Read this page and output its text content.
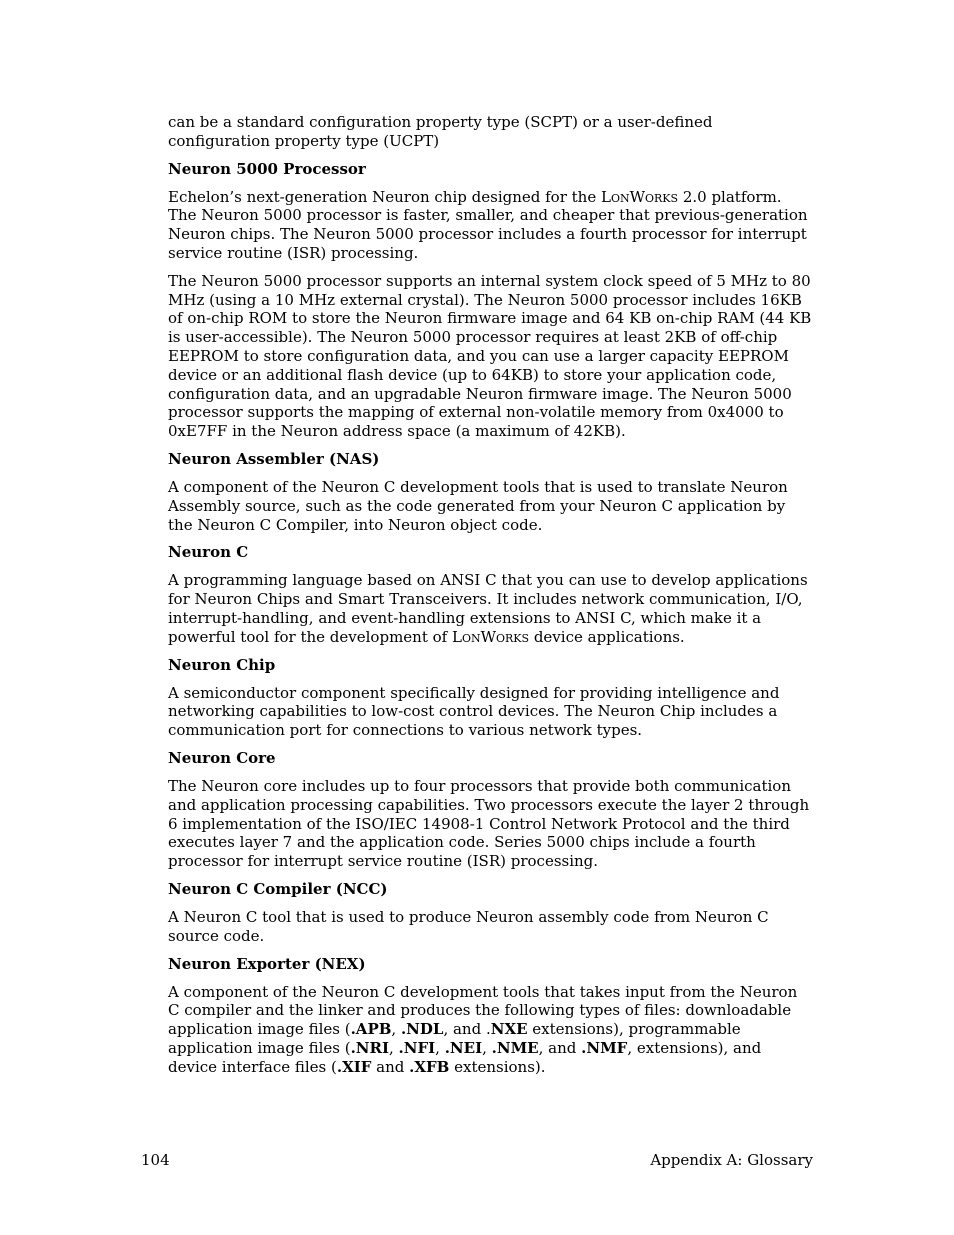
can be a standard configuration property type (SCPT) or a user-defined configuration property type (UCPT)

Neuron 5000 Processor

Echelon’s next-generation Neuron chip designed for the LonWorks 2.0 platform. The Neuron 5000 processor is faster, smaller, and cheaper that previous-generation Neuron chips. The Neuron 5000 processor includes a fourth processor for interrupt service routine (ISR) processing.

The Neuron 5000 processor supports an internal system clock speed of 5 MHz to 80 MHz (using a 10 MHz external crystal). The Neuron 5000 processor includes 16KB of on-chip ROM to store the Neuron firmware image and 64 KB on-chip RAM (44 KB is user-accessible). The Neuron 5000 processor requires at least 2KB of off-chip EEPROM to store configuration data, and you can use a larger capacity EEPROM device or an additional flash device (up to 64KB) to store your application code, configuration data, and an upgradable Neuron firmware image. The Neuron 5000 processor supports the mapping of external non-volatile memory from 0x4000 to 0xE7FF in the Neuron address space (a maximum of 42KB).

Neuron Assembler (NAS)

A component of the Neuron C development tools that is used to translate Neuron Assembly source, such as the code generated from your Neuron C application by the Neuron C Compiler, into Neuron object code.

Neuron C

A programming language based on ANSI C that you can use to develop applications for Neuron Chips and Smart Transceivers. It includes network communication, I/O, interrupt-handling, and event-handling extensions to ANSI C, which make it a powerful tool for the development of LonWorks device applications.

Neuron Chip

A semiconductor component specifically designed for providing intelligence and networking capabilities to low-cost control devices. The Neuron Chip includes a communication port for connections to various network types.

Neuron Core

The Neuron core includes up to four processors that provide both communication and application processing capabilities. Two processors execute the layer 2 through 6 implementation of the ISO/IEC 14908-1 Control Network Protocol and the third executes layer 7 and the application code. Series 5000 chips include a fourth processor for interrupt service routine (ISR) processing.

Neuron C Compiler (NCC)

A Neuron C tool that is used to produce Neuron assembly code from Neuron C source code.

Neuron Exporter (NEX)

A component of the Neuron C development tools that takes input from the Neuron C compiler and the linker and produces the following types of files: downloadable application image files (.APB, .NDL, and .NXE extensions), programmable application image files (.NRI, .NFI, .NEI, .NME, and .NMF, extensions), and device interface files (.XIF and .XFB extensions).

104	Appendix A: Glossary
